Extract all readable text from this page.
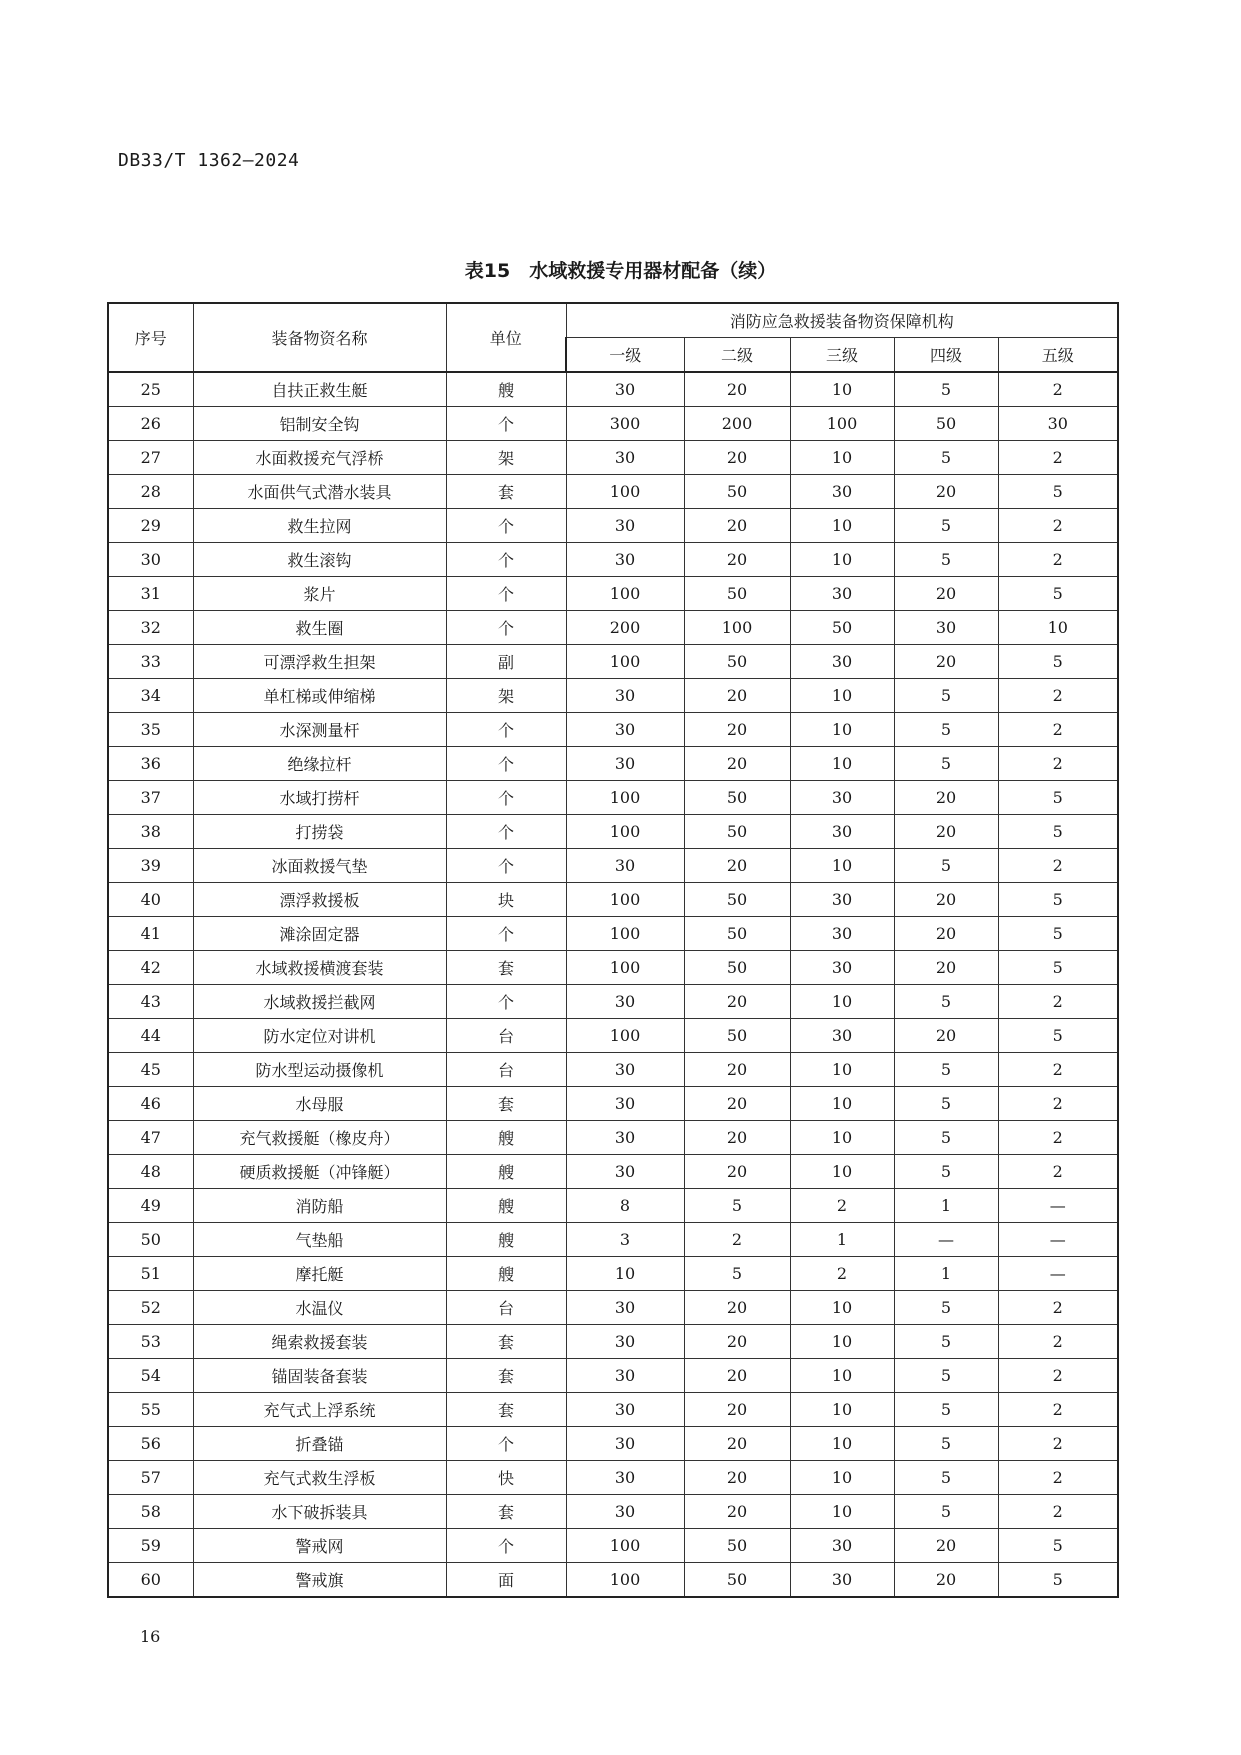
DB33/T 1362—2024
表15　水域救援专用器材配备（续）
序号	装备物资名称	单位	消防应急救援装备物资保障机构				
			一级	二级	三级	四级	五级
25	自扶正救生艇	艘	30	20	10	5	2
26	铝制安全钩	个	300	200	100	50	30
27	水面救援充气浮桥	架	30	20	10	5	2
28	水面供气式潜水装具	套	100	50	30	20	5
29	救生拉网	个	30	20	10	5	2
30	救生滚钩	个	30	20	10	5	2
31	浆片	个	100	50	30	20	5
32	救生圈	个	200	100	50	30	10
33	可漂浮救生担架	副	100	50	30	20	5
34	单杠梯或伸缩梯	架	30	20	10	5	2
35	水深测量杆	个	30	20	10	5	2
36	绝缘拉杆	个	30	20	10	5	2
37	水域打捞杆	个	100	50	30	20	5
38	打捞袋	个	100	50	30	20	5
39	冰面救援气垫	个	30	20	10	5	2
40	漂浮救援板	块	100	50	30	20	5
41	滩涂固定器	个	100	50	30	20	5
42	水域救援横渡套装	套	100	50	30	20	5
43	水域救援拦截网	个	30	20	10	5	2
44	防水定位对讲机	台	100	50	30	20	5
45	防水型运动摄像机	台	30	20	10	5	2
46	水母服	套	30	20	10	5	2
47	充气救援艇（橡皮舟）	艘	30	20	10	5	2
48	硬质救援艇（冲锋艇）	艘	30	20	10	5	2
49	消防船	艘	8	5	2	1	—
50	气垫船	艘	3	2	1	—	—
51	摩托艇	艘	10	5	2	1	—
52	水温仪	台	30	20	10	5	2
53	绳索救援套装	套	30	20	10	5	2
54	锚固装备套装	套	30	20	10	5	2
55	充气式上浮系统	套	30	20	10	5	2
56	折叠锚	个	30	20	10	5	2
57	充气式救生浮板	快	30	20	10	5	2
58	水下破拆装具	套	30	20	10	5	2
59	警戒网	个	100	50	30	20	5
60	警戒旗	面	100	50	30	20	5
16
